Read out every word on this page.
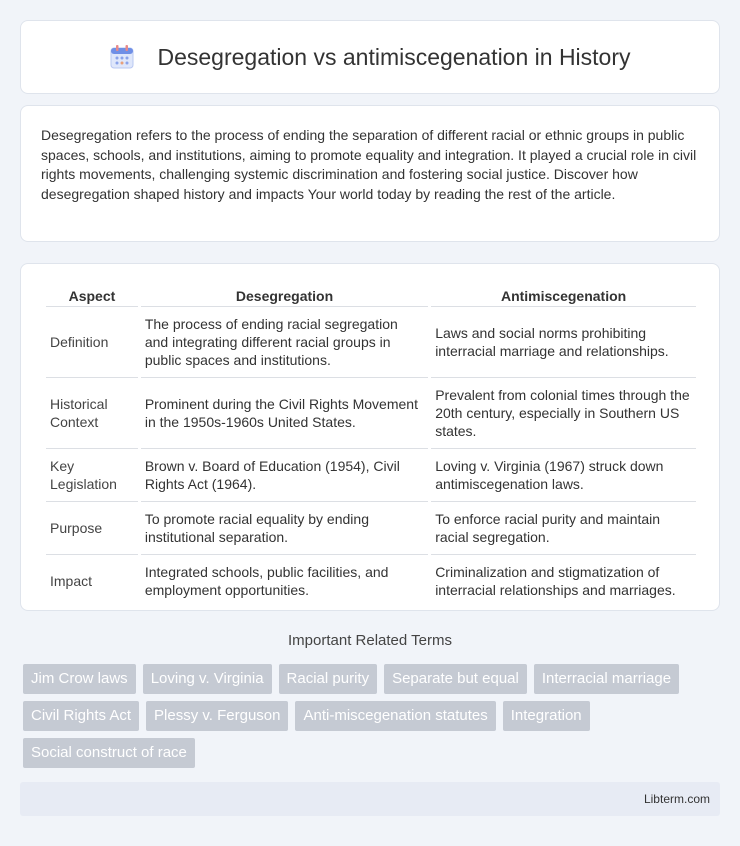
Desegregation vs antimiscegenation in History

Desegregation refers to the process of ending the separation of different racial or ethnic groups in public spaces, schools, and institutions, aiming to promote equality and integration. It played a crucial role in civil rights movements, challenging systemic discrimination and fostering social justice. Discover how desegregation shaped history and impacts Your world today by reading the rest of the article.

Aspect	Desegregation	Antimiscegenation
Definition	The process of ending racial segregation and integrating different racial groups in public spaces and institutions.	Laws and social norms prohibiting interracial marriage and relationships.
Historical Context	Prominent during the Civil Rights Movement in the 1950s-1960s United States.	Prevalent from colonial times through the 20th century, especially in Southern US states.
Key Legislation	Brown v. Board of Education (1954), Civil Rights Act (1964).	Loving v. Virginia (1967) struck down antimiscegenation laws.
Purpose	To promote racial equality by ending institutional separation.	To enforce racial purity and maintain racial segregation.
Impact	Integrated schools, public facilities, and employment opportunities.	Criminalization and stigmatization of interracial relationships and marriages.
Important Related Terms
Jim Crow laws	Loving v. Virginia	Racial purity	Separate but equal	Interracial marriage
Civil Rights Act	Plessy v. Ferguson	Anti-miscegenation statutes	Integration
Social construct of race
Libterm.com
